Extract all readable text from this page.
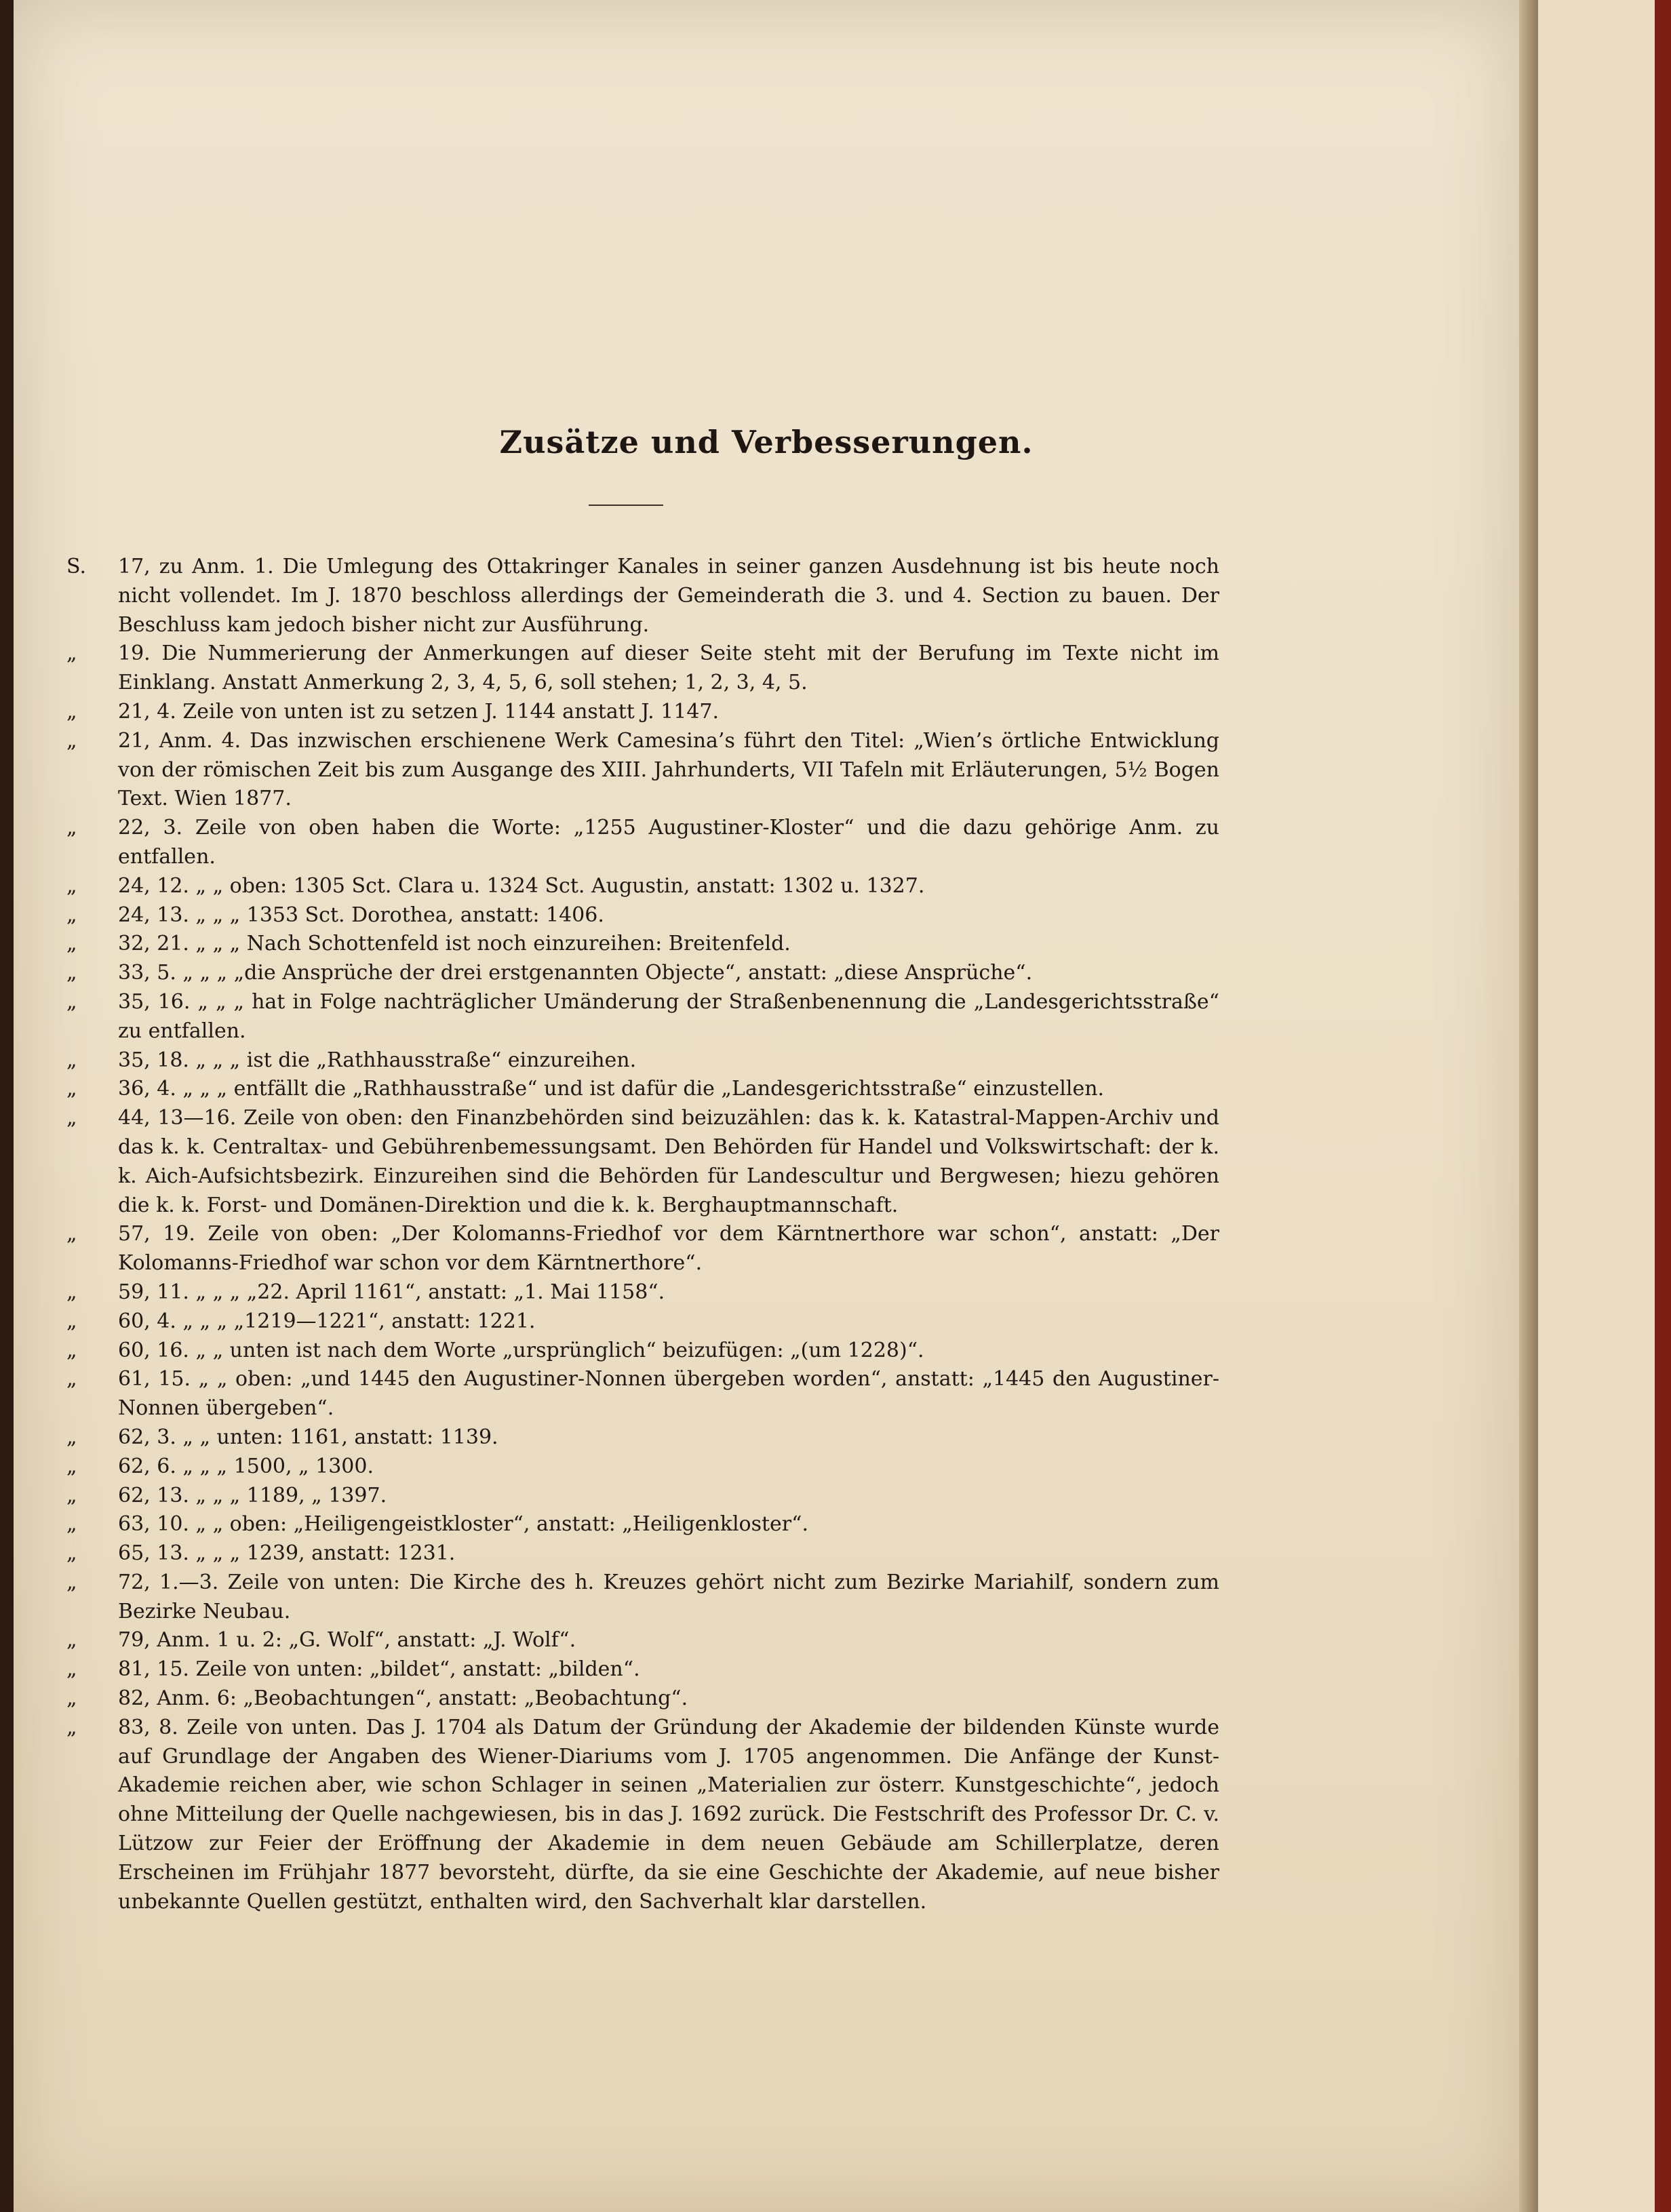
Zusätze und Verbesserungen.
S.	17, zu Anm. 1. Die Umlegung des Ottakringer Kanales in seiner ganzen Ausdehnung ist bis heute noch nicht vollendet. Im J. 1870 beschloss allerdings der Gemeinderath die 3. und 4. Section zu bauen. Der Beschluss kam jedoch bisher nicht zur Ausführung.
„	19. Die Nummerierung der Anmerkungen auf dieser Seite steht mit der Berufung im Texte nicht im Einklang. Anstatt Anmerkung 2, 3, 4, 5, 6, soll stehen; 1, 2, 3, 4, 5.
„	21, 4. Zeile von unten ist zu setzen J. 1144 anstatt J. 1147.
„	21, Anm. 4. Das inzwischen erschienene Werk Camesina’s führt den Titel: „Wien’s örtliche Entwicklung von der römischen Zeit bis zum Ausgange des XIII. Jahrhunderts, VII Tafeln mit Erläuterungen, 5½ Bogen Text. Wien 1877.
„	22, 3. Zeile von oben haben die Worte: „1255 Augustiner-Kloster“ und die dazu gehörige Anm. zu entfallen.
„	24, 12. „ „ oben: 1305 Sct. Clara u. 1324 Sct. Augustin, anstatt: 1302 u. 1327.
„	24, 13. „ „ „ 1353 Sct. Dorothea, anstatt: 1406.
„	32, 21. „ „ „ Nach Schottenfeld ist noch einzureihen: Breitenfeld.
„	33, 5. „ „ „ „die Ansprüche der drei erstgenannten Objecte“, anstatt: „diese Ansprüche“.
„	35, 16. „ „ „ hat in Folge nachträglicher Umänderung der Straßenbenennung die „Landesgerichtsstraße“ zu entfallen.
„	35, 18. „ „ „ ist die „Rathhausstraße“ einzureihen.
„	36, 4. „ „ „ entfällt die „Rathhausstraße“ und ist dafür die „Landesgerichtsstraße“ einzustellen.
„	44, 13—16. Zeile von oben: den Finanzbehörden sind beizuzählen: das k. k. Katastral-Mappen-Archiv und das k. k. Centraltax- und Gebührenbemessungsamt. Den Behörden für Handel und Volkswirtschaft: der k. k. Aich-Aufsichtsbezirk. Einzureihen sind die Behörden für Landescultur und Bergwesen; hiezu gehören die k. k. Forst- und Domänen-Direktion und die k. k. Berghauptmannschaft.
„	57, 19. Zeile von oben: „Der Kolomanns-Friedhof vor dem Kärntnerthore war schon“, anstatt: „Der Kolomanns-Friedhof war schon vor dem Kärntnerthore“.
„	59, 11. „ „ „ „22. April 1161“, anstatt: „1. Mai 1158“.
„	60, 4. „ „ „ „1219—1221“, anstatt: 1221.
„	60, 16. „ „ unten ist nach dem Worte „ursprünglich“ beizufügen: „(um 1228)“.
„	61, 15. „ „ oben: „und 1445 den Augustiner-Nonnen übergeben worden“, anstatt: „1445 den Augustiner-Nonnen übergeben“.
„	62, 3. „ „ unten: 1161, anstatt: 1139.
„	62, 6. „ „ „ 1500, „ 1300.
„	62, 13. „ „ „ 1189, „ 1397.
„	63, 10. „ „ oben: „Heiligengeistkloster“, anstatt: „Heiligenkloster“.
„	65, 13. „ „ „ 1239, anstatt: 1231.
„	72, 1.—3. Zeile von unten: Die Kirche des h. Kreuzes gehört nicht zum Bezirke Mariahilf, sondern zum Bezirke Neubau.
„	79, Anm. 1 u. 2: „G. Wolf“, anstatt: „J. Wolf“.
„	81, 15. Zeile von unten: „bildet“, anstatt: „bilden“.
„	82, Anm. 6: „Beobachtungen“, anstatt: „Beobachtung“.
„	83, 8. Zeile von unten. Das J. 1704 als Datum der Gründung der Akademie der bildenden Künste wurde auf Grundlage der Angaben des Wiener-Diariums vom J. 1705 angenommen. Die Anfänge der Kunst-Akademie reichen aber, wie schon Schlager in seinen „Materialien zur österr. Kunstgeschichte“, jedoch ohne Mitteilung der Quelle nachgewiesen, bis in das J. 1692 zurück. Die Festschrift des Professor Dr. C. v. Lützow zur Feier der Eröffnung der Akademie in dem neuen Gebäude am Schillerplatze, deren Erscheinen im Frühjahr 1877 bevorsteht, dürfte, da sie eine Geschichte der Akademie, auf neue bisher unbekannte Quellen gestützt, enthalten wird, den Sachverhalt klar darstellen.
